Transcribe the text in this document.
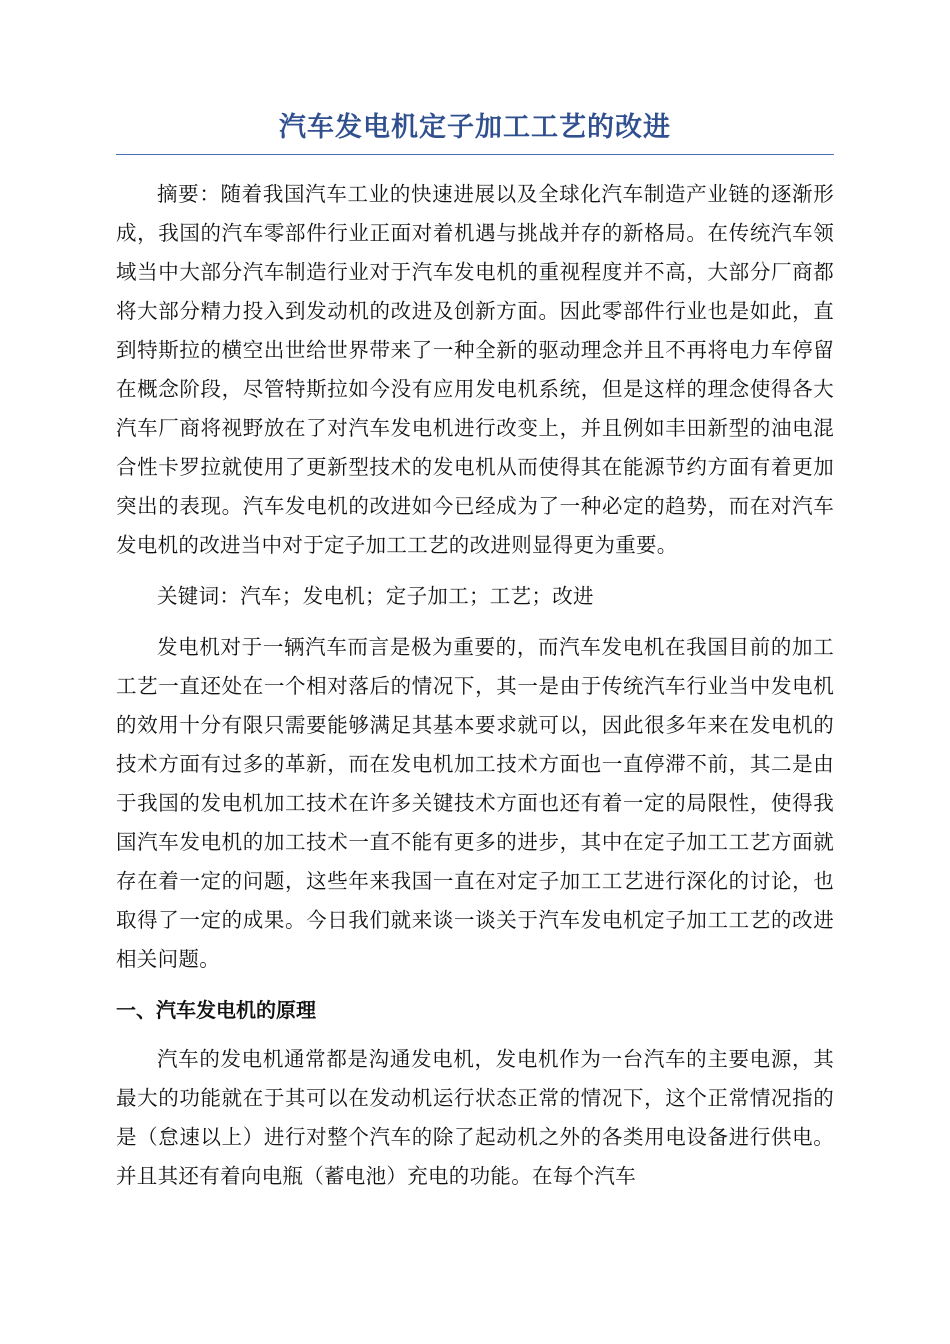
汽车发电机定子加工工艺的改进

摘要：随着我国汽车工业的快速进展以及全球化汽车制造产业链的逐渐形成，我国的汽车零部件行业正面对着机遇与挑战并存的新格局。在传统汽车领域当中大部分汽车制造行业对于汽车发电机的重视程度并不高，大部分厂商都将大部分精力投入到发动机的改进及创新方面。因此零部件行业也是如此，直到特斯拉的横空出世给世界带来了一种全新的驱动理念并且不再将电力车停留在概念阶段，尽管特斯拉如今没有应用发电机系统，但是这样的理念使得各大汽车厂商将视野放在了对汽车发电机进行改变上，并且例如丰田新型的油电混合性卡罗拉就使用了更新型技术的发电机从而使得其在能源节约方面有着更加突出的表现。汽车发电机的改进如今已经成为了一种必定的趋势，而在对汽车发电机的改进当中对于定子加工工艺的改进则显得更为重要。

关键词：汽车；发电机；定子加工；工艺；改进

发电机对于一辆汽车而言是极为重要的，而汽车发电机在我国目前的加工工艺一直还处在一个相对落后的情况下，其一是由于传统汽车行业当中发电机的效用十分有限只需要能够满足其基本要求就可以，因此很多年来在发电机的技术方面有过多的革新，而在发电机加工技术方面也一直停滞不前，其二是由于我国的发电机加工技术在许多关键技术方面也还有着一定的局限性，使得我国汽车发电机的加工技术一直不能有更多的进步，其中在定子加工工艺方面就存在着一定的问题，这些年来我国一直在对定子加工工艺进行深化的讨论，也取得了一定的成果。今日我们就来谈一谈关于汽车发电机定子加工工艺的改进相关问题。

一、汽车发电机的原理

汽车的发电机通常都是沟通发电机，发电机作为一台汽车的主要电源，其最大的功能就在于其可以在发动机运行状态正常的情况下，这个正常情况指的是（怠速以上）进行对整个汽车的除了起动机之外的各类用电设备进行供电。并且其还有着向电瓶（蓄电池）充电的功能。在每个汽车
